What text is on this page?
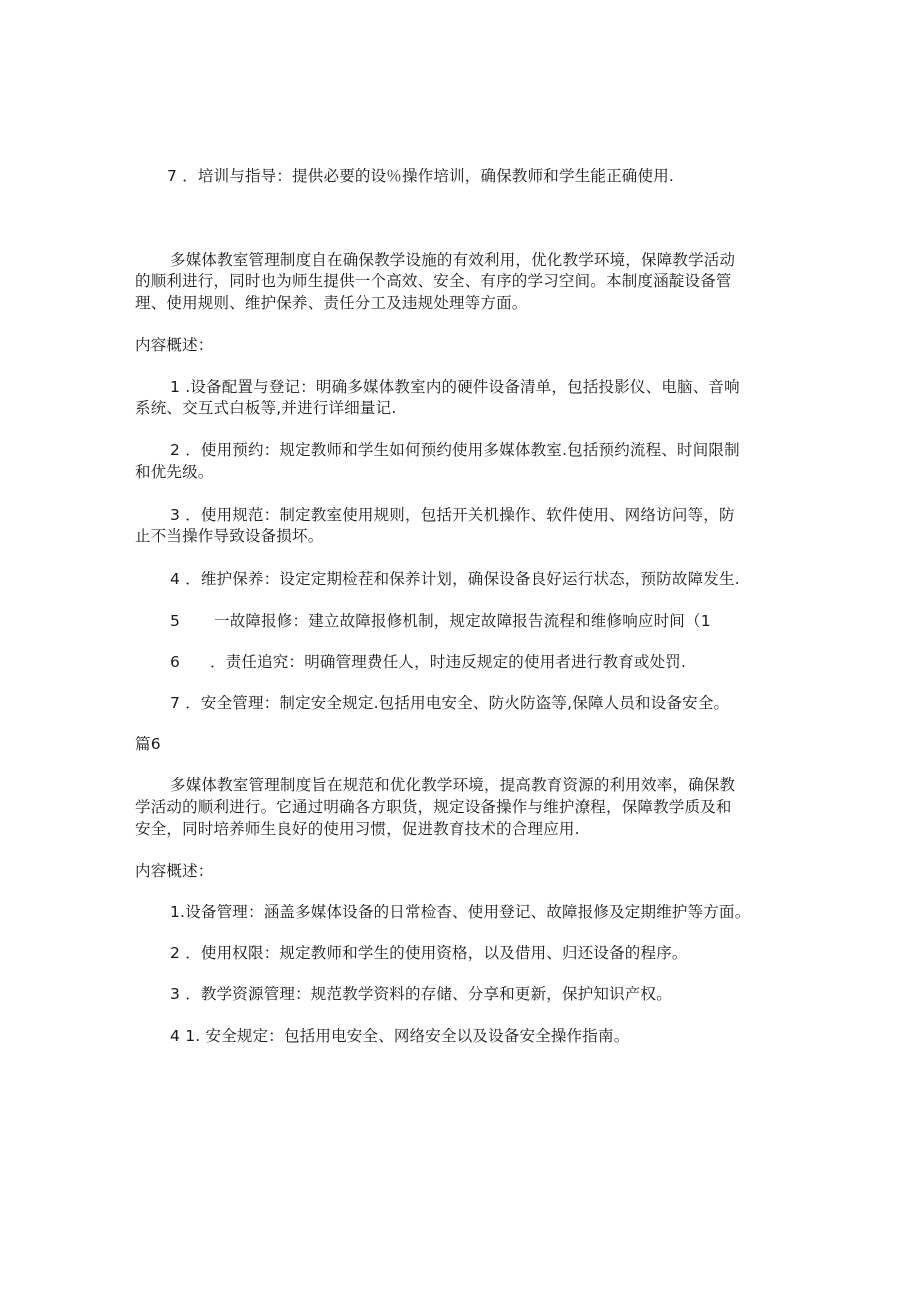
7 ．培训与指导：提供必要的设％操作培训，确保教师和学生能正确使用.
多媒体教室管理制度自在确保教学设施的有效利用，优化教学环境，保障教学活动
的顺利进行，同时也为师生提供一个高效、安全、有序的学习空间。本制度涵靛设备管
理、使用规则、维护保养、责任分工及违规处理等方面。
内容概述：
1 .设备配置与登记：明确多媒体教室内的硬件设备清单，包括投影仪、电脑、音响
系统、交互式白板等,并进行详细量记.
2 ．使用预约：规定教师和学生如何预约使用多媒体教室.包括预约流程、时间限制
和优先级。
3 ．使用规范：制定教室使用规则，包括开关机操作、软件使用、网络访问等，防
止不当操作导致设备损坏。
4 ．维护保养：设定定期检茬和保养计划，确保设备良好运行状态，预防故障发生.
5 一故障报修：建立故障报修机制，规定故障报告流程和维修响应时间（1
6 ．责任追究：明确管理费任人，时违反规定的使用者进行教育或处罚.
7 ．安全管理：制定安全规定.包括用电安全、防火防盗等,保障人员和设备安全。
篇6
多媒体教室管理制度旨在规范和优化教学环境，提高教育资源的利用效率，确保教
学活动的顺利进行。它通过明确各方职货，规定设备操作与维护潦程，保障教学质及和
安全，同时培养师生良好的使用习惯，促进教育技术的合理应用.
内容概述：
1.设备管理：涵盖多媒体设备的日常检杳、使用登记、故障报修及定期维护等方面。
2 ．使用权限：规定教师和学生的使用资格，以及借用、归还设备的程序。
3 ．教学资源管理：规范教学资料的存储、分享和更新，保护知识产权。
4 1. 安全规定：包括用电安全、网络安全以及设备安全操作指南。
